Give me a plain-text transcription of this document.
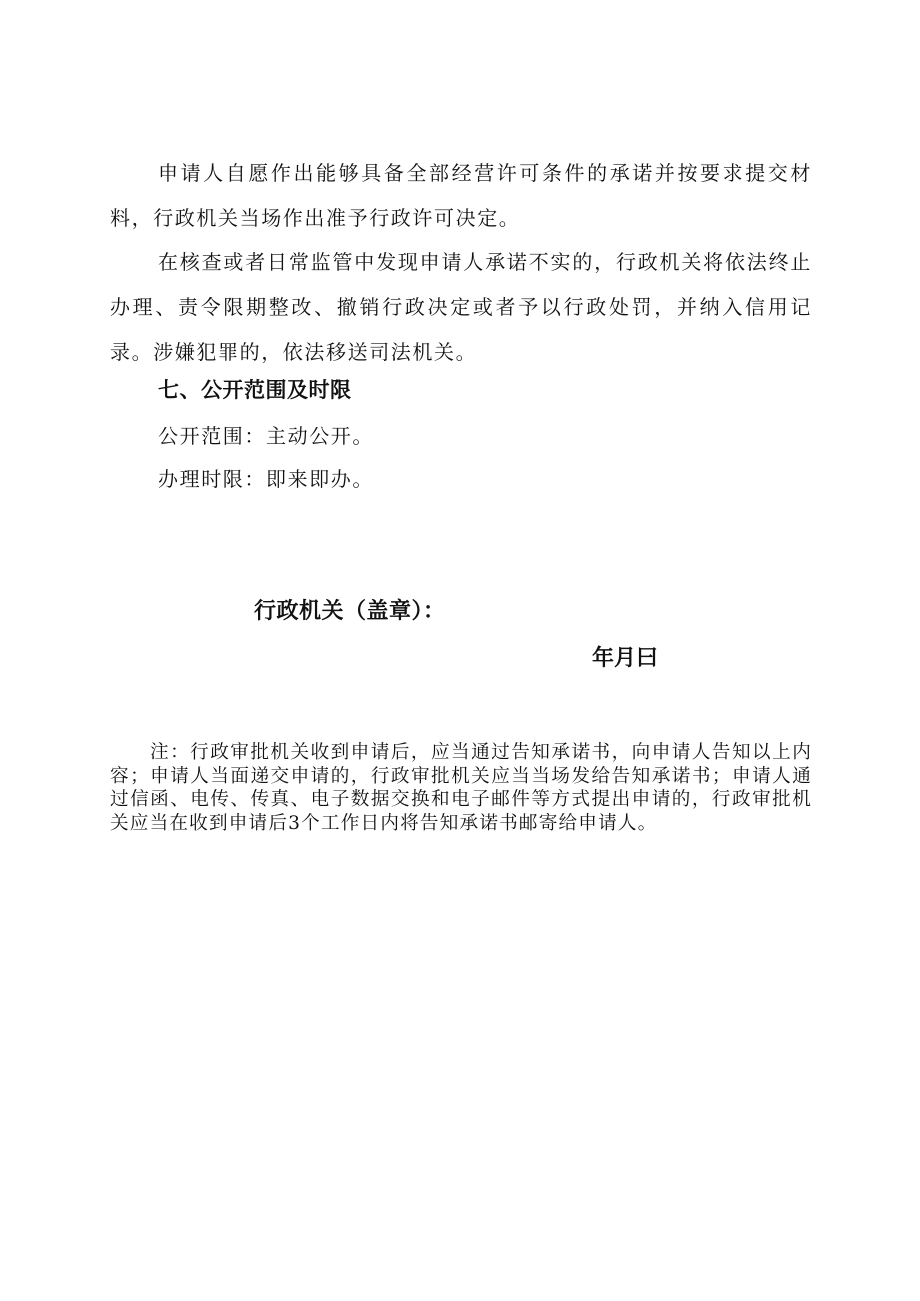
申请人自愿作出能够具备全部经营许可条件的承诺并按要求提交材料，行政机关当场作出准予行政许可决定。

在核查或者日常监管中发现申请人承诺不实的，行政机关将依法终止办理、责令限期整改、撤销行政决定或者予以行政处罚，并纳入信用记录。涉嫌犯罪的，依法移送司法机关。

七、公开范围及时限

公开范围：主动公开。

办理时限：即来即办。

行政机关（盖章）：

年月曰

注：行政审批机关收到申请后，应当通过告知承诺书，向申请人告知以上内容；申请人当面递交申请的，行政审批机关应当当场发给告知承诺书；申请人通过信函、电传、传真、电子数据交换和电子邮件等方式提出申请的，行政审批机关应当在收到申请后3个工作日内将告知承诺书邮寄给申请人。
